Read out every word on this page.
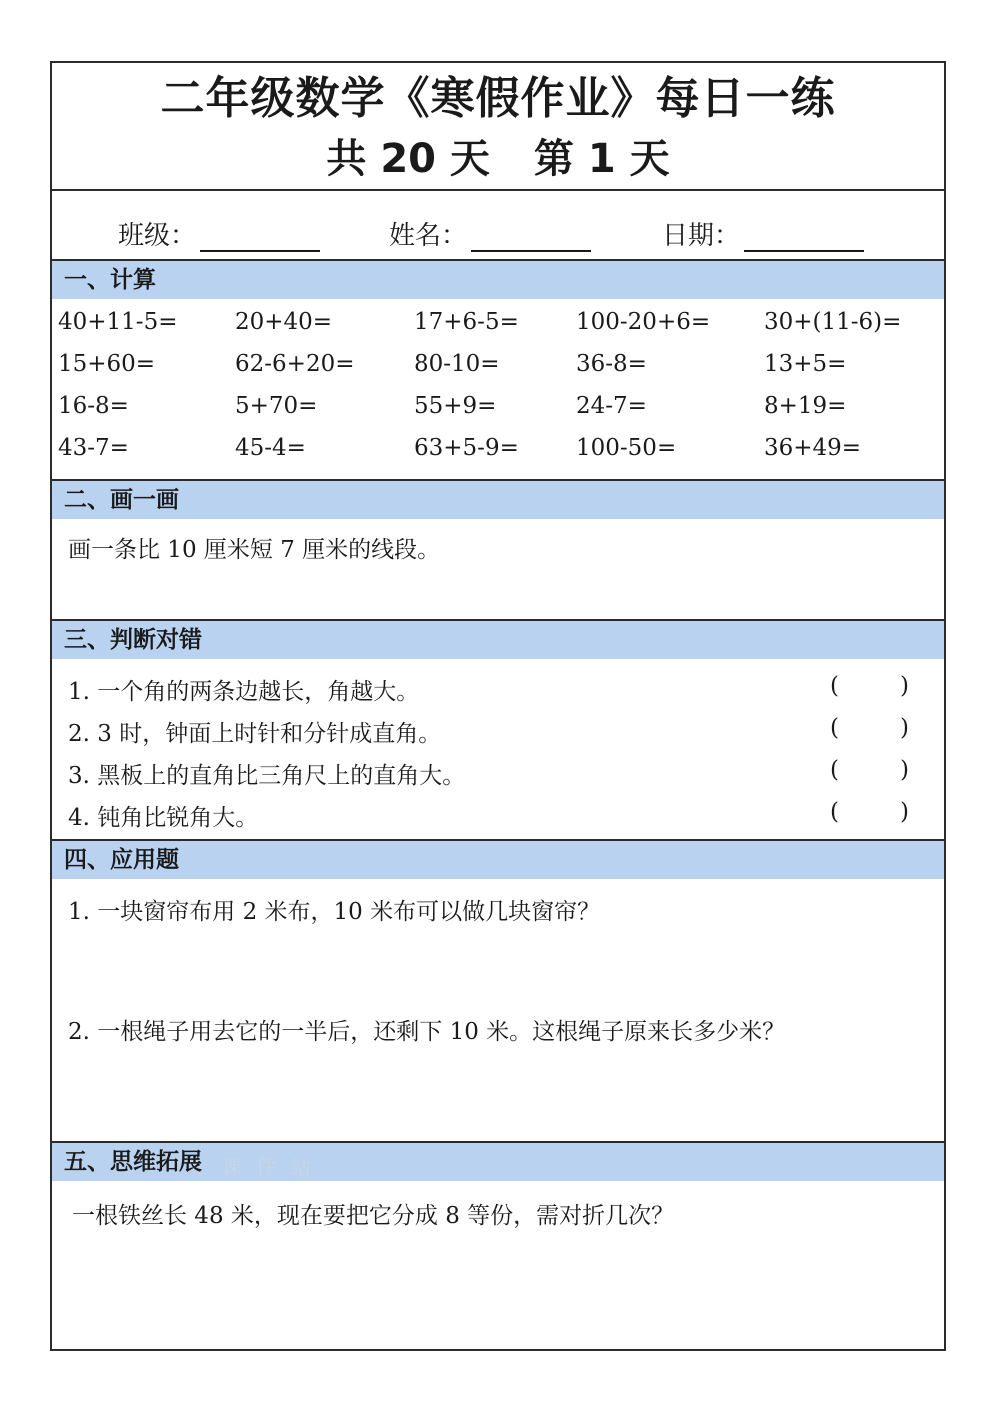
二年级数学《寒假作业》每日一练
共 20 天 第 1 天
班级：	姓名：	日期：
一、计算
40+11-5=	20+40=	17+6-5= 100-20+6= 30+(11-6)=
15+60=	62-6+20=	80-10=	36-8=	13+5=
16-8=	5+70=	55+9=	24-7=	8+19=
43-7=	45-4=	63+5-9= 100-50=	36+49=
二、画一画
画一条比 10 厘米短 7 厘米的线段。
三、判断对错
1. 一个角的两条边越长，角越大。	(	)
2. 3 时，钟面上时针和分针成直角。	(	)
3. 黑板上的直角比三角尺上的直角大。	(	)
4. 钝角比锐角大。	(	)
四、应用题
1. 一块窗帘布用 2 米布，10 米布可以做几块窗帘？
2. 一根绳子用去它的一半后，还剩下 10 米。这根绳子原来长多少米？
五、思维拓展	课 件 站
一根铁丝长 48 米，现在要把它分成 8 等份，需对折几次？
